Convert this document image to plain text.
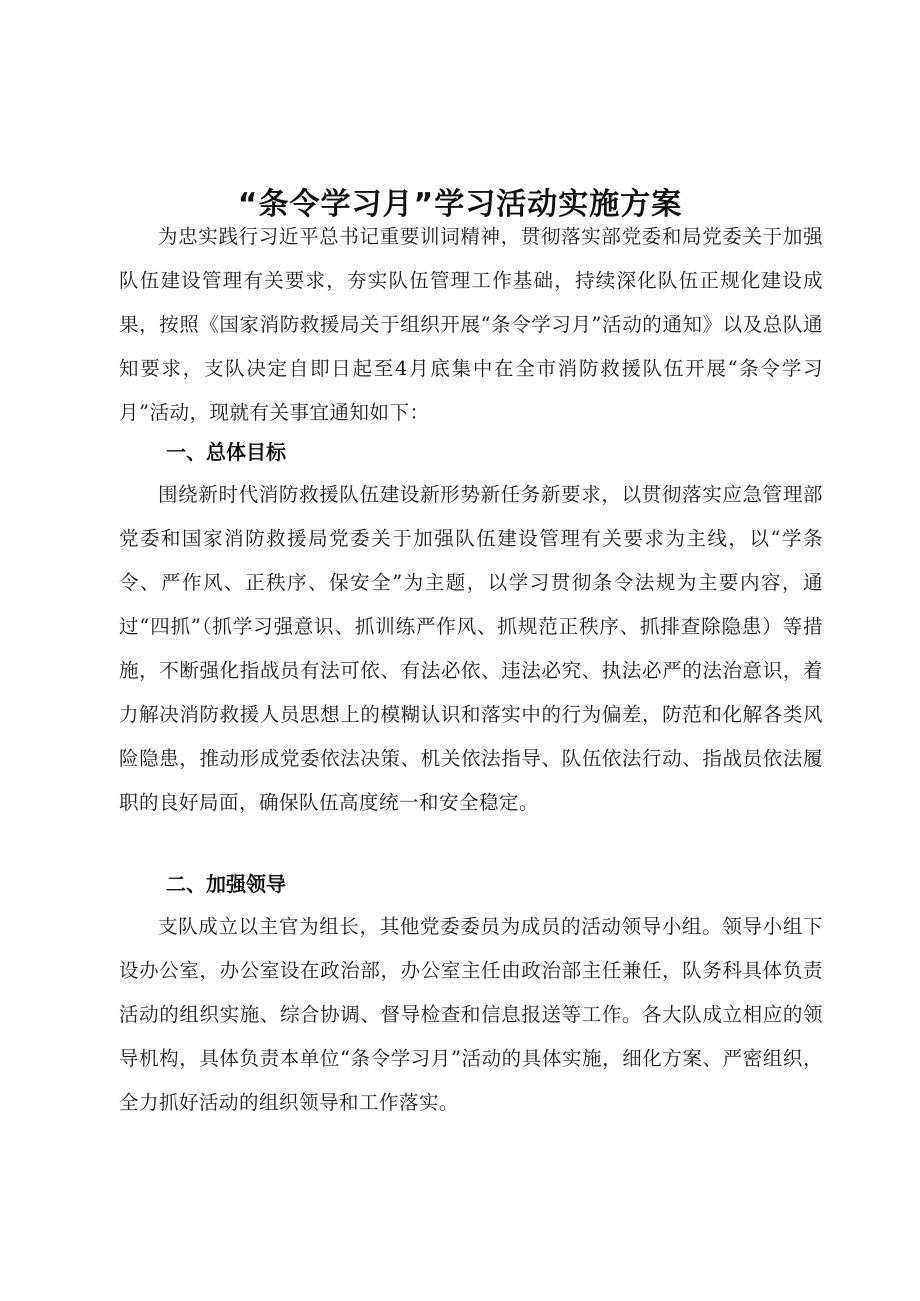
“条令学习月”学习活动实施方案

为忠实践行习近平总书记重要训词精神，贯彻落实部党委和局党委关于加强队伍建设管理有关要求，夯实队伍管理工作基础，持续深化队伍正规化建设成果，按照《国家消防救援局关于组织开展“条令学习月”活动的通知》以及总队通知要求，支队决定自即日起至4月底集中在全市消防救援队伍开展“条令学习月”活动，现就有关事宜通知如下：

一、总体目标

围绕新时代消防救援队伍建设新形势新任务新要求，以贯彻落实应急管理部党委和国家消防救援局党委关于加强队伍建设管理有关要求为主线，以“学条令、严作风、正秩序、保安全”为主题，以学习贯彻条令法规为主要内容，通过“四抓”（抓学习强意识、抓训练严作风、抓规范正秩序、抓排查除隐患）等措施，不断强化指战员有法可依、有法必依、违法必究、执法必严的法治意识，着力解决消防救援人员思想上的模糊认识和落实中的行为偏差，防范和化解各类风险隐患，推动形成党委依法决策、机关依法指导、队伍依法行动、指战员依法履职的良好局面，确保队伍高度统一和安全稳定。

二、加强领导

支队成立以主官为组长，其他党委委员为成员的活动领导小组。领导小组下设办公室，办公室设在政治部，办公室主任由政治部主任兼任，队务科具体负责活动的组织实施、综合协调、督导检查和信息报送等工作。各大队成立相应的领导机构，具体负责本单位“条令学习月”活动的具体实施，细化方案、严密组织，全力抓好活动的组织领导和工作落实。
